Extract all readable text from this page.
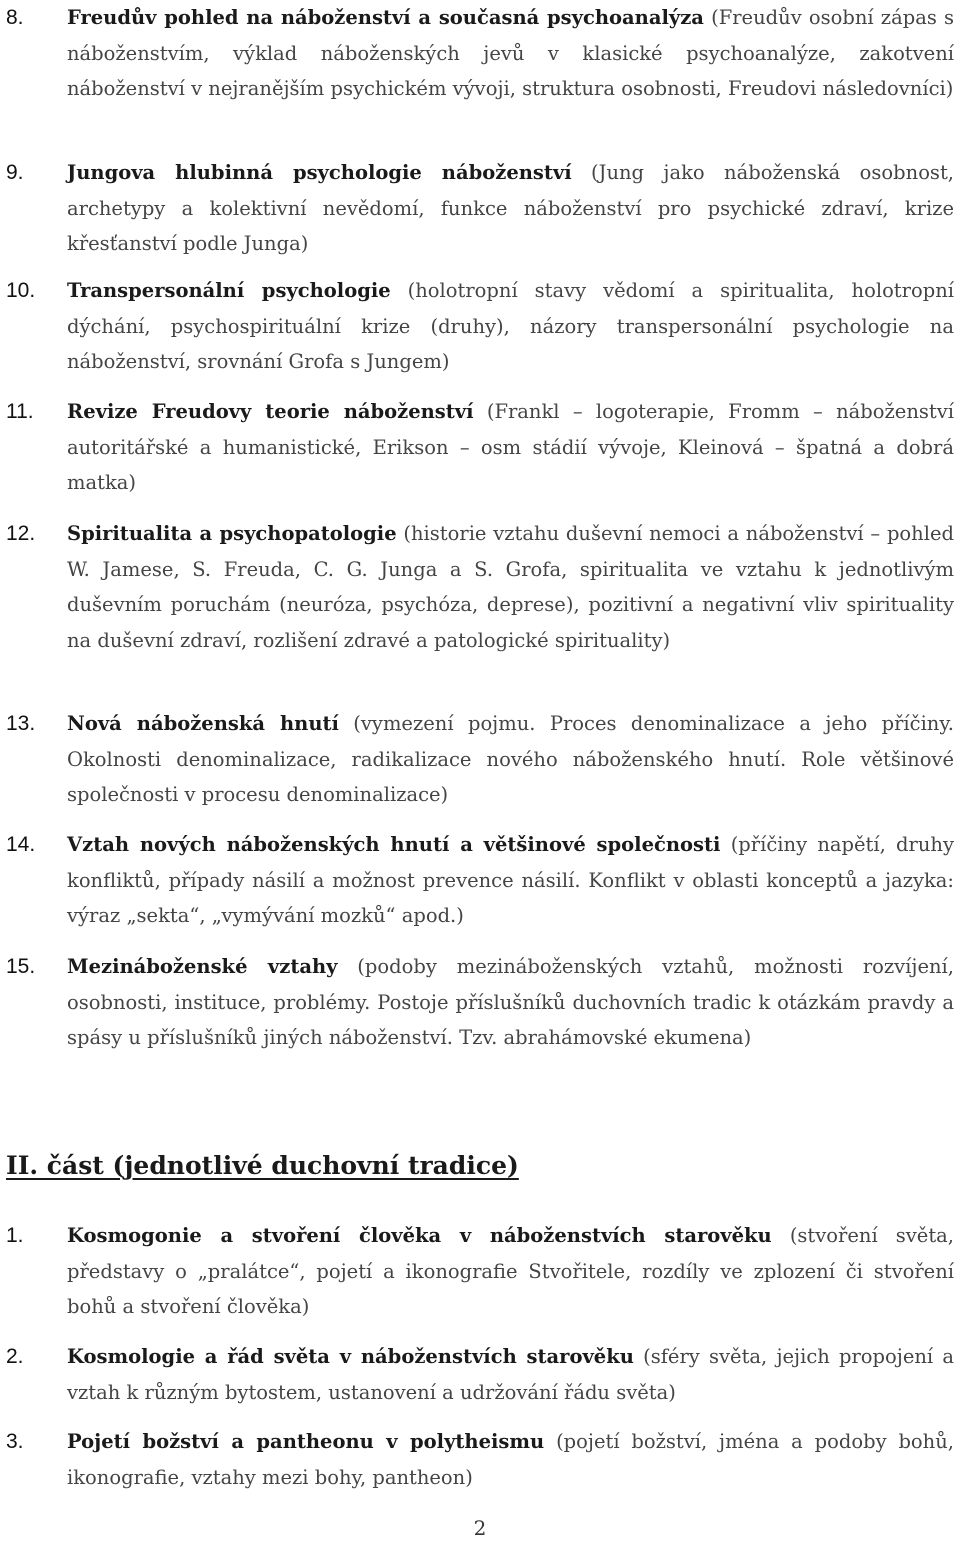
8. Freudův pohled na náboženství a současná psychoanalýza (Freudův osobní zápas s náboženstvím, výklad náboženských jevů v klasické psychoanalýze, zakotvení náboženství v nejranějším psychickém vývoji, struktura osobnosti, Freudovi následovníci)
9. Jungova hlubinná psychologie náboženství (Jung jako náboženská osobnost, archetypy a kolektivní nevědomí, funkce náboženství pro psychické zdraví, krize křesťanství podle Junga)
10. Transpersonální psychologie (holotropní stavy vědomí a spiritualita, holotropní dýchání, psychospirituální krize (druhy), názory transpersonální psychologie na náboženství, srovnání Grofa s Jungem)
11. Revize Freudovy teorie náboženství (Frankl – logoterapie, Fromm – náboženství autoritářské a humanistické, Erikson – osm stádií vývoje, Kleinová – špatná a dobrá matka)
12. Spiritualita a psychopatologie (historie vztahu duševní nemoci a náboženství – pohled W. Jamese, S. Freuda, C. G. Junga a S. Grofa, spiritualita ve vztahu k jednotlivým duševním poruchám (neuróza, psychóza, deprese), pozitivní a negativní vliv spirituality na duševní zdraví, rozlišení zdravé a patologické spirituality)
13. Nová náboženská hnutí (vymezení pojmu. Proces denominalizace a jeho příčiny. Okolnosti denominalizace, radikalizace nového náboženského hnutí. Role většinové společnosti v procesu denominalizace)
14. Vztah nových náboženských hnutí a většinové společnosti (příčiny napětí, druhy konfliktů, případy násilí a možnost prevence násilí. Konflikt v oblasti konceptů a jazyka: výraz „sekta“, „vymývání mozků“ apod.)
15. Mezináboženské vztahy (podoby mezináboženských vztahů, možnosti rozvíjení, osobnosti, instituce, problémy. Postoje příslušníků duchovních tradic k otázkám pravdy a spásy u příslušníků jiných náboženství. Tzv. abrahámovské ekumena)
II. část (jednotlivé duchovní tradice)
1. Kosmogonie a stvoření člověka v náboženstvích starověku (stvoření světa, představy o „pralátce“, pojetí a ikonografie Stvořitele, rozdíly ve zplození či stvoření bohů a stvoření člověka)
2. Kosmologie a řád světa v náboženstvích starověku (sféry světa, jejich propojení a vztah k různým bytostem, ustanovení a udržování řádu světa)
3. Pojetí božství a pantheonu v polytheismu (pojetí božství, jména a podoby bohů, ikonografie, vztahy mezi bohy, pantheon)
2
